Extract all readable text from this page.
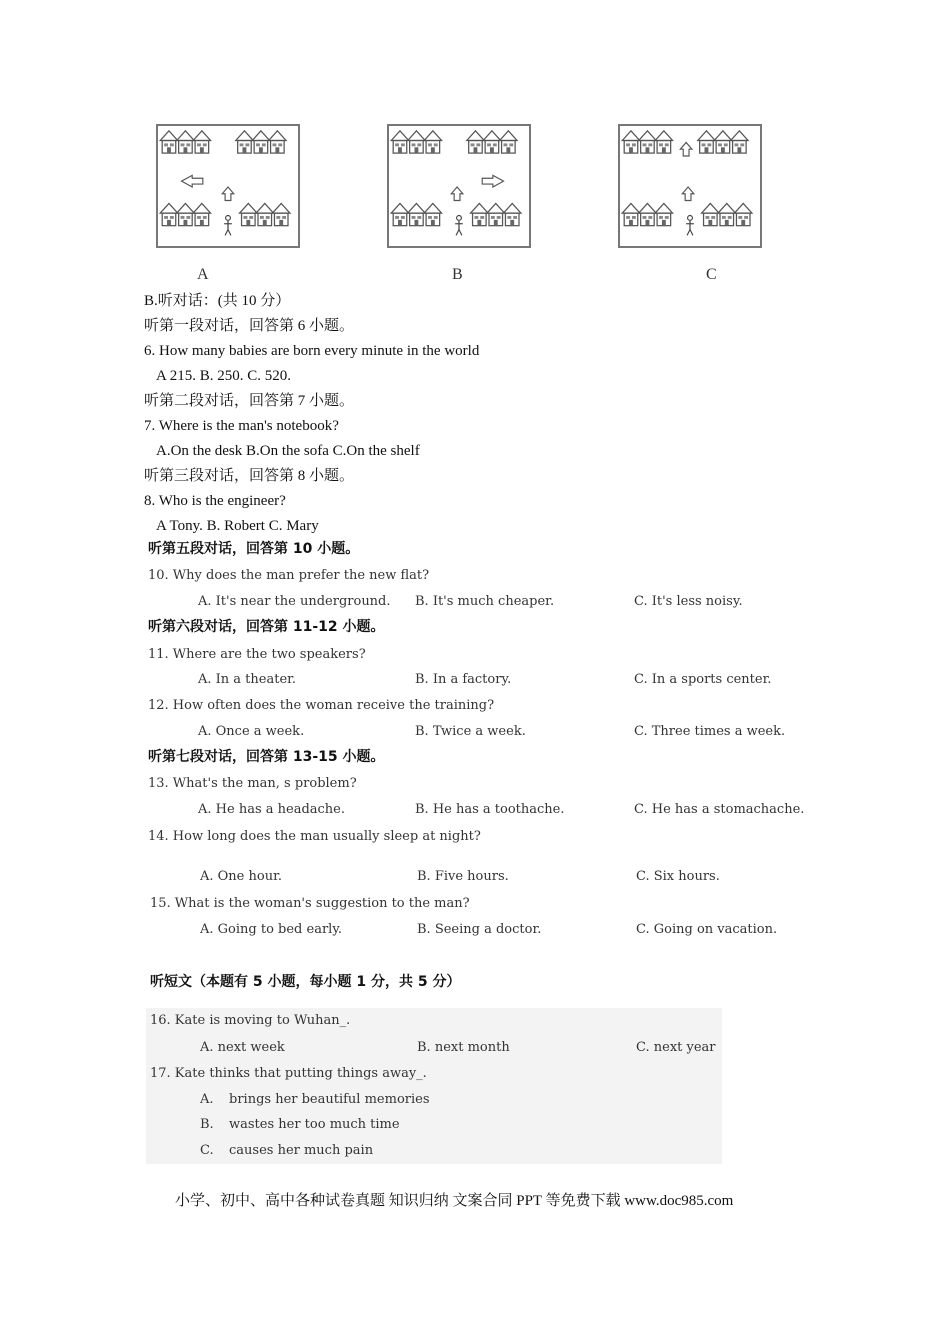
A	B	C
B.听对话：(共 10 分）
听第一段对话，回答第 6 小题。
6. How many babies are born every minute in the world
A 215. B. 250. C. 520.
听第二段对话，回答第 7 小题。
7. Where is the man's notebook?
A.On the desk B.On the sofa C.On the shelf
听第三段对话，回答第 8 小题。
8. Who is the engineer?
A Tony. B. Robert C. Mary
听第五段对话，回答第 10 小题。
10. Why does the man prefer the new flat?
A. It's near the underground. B. It's much cheaper.	C. It's less noisy.
听第六段对话，回答第 11-12 小题。
11. Where are the two speakers?
A. In a theater.	B. In a factory.	C. In a sports center.
12. How often does the woman receive the training?
A. Once a week.	B. Twice a week.	C. Three times a week.
听第七段对话，回答第 13-15 小题。
13. What's the man, s problem?
A. He has a headache.	B. He has a toothache.	C. He has a stomachache.
14. How long does the man usually sleep at night?
A. One hour.	B. Five hours.	C. Six hours.
15. What is the woman's suggestion to the man?
A. Going to bed early.	B. Seeing a doctor.	C. Going on vacation.
听短文（本题有 5 小题，每小题 1 分，共 5 分）
16. Kate is moving to Wuhan_.
A. next week	B. next month	C. next year
17. Kate thinks that putting things away_.
A. brings her beautiful memories
B. wastes her too much time
C. causes her much pain
小学、初中、高中各种试卷真题 知识归纳 文案合同 PPT 等免费下载 www.doc985.com
